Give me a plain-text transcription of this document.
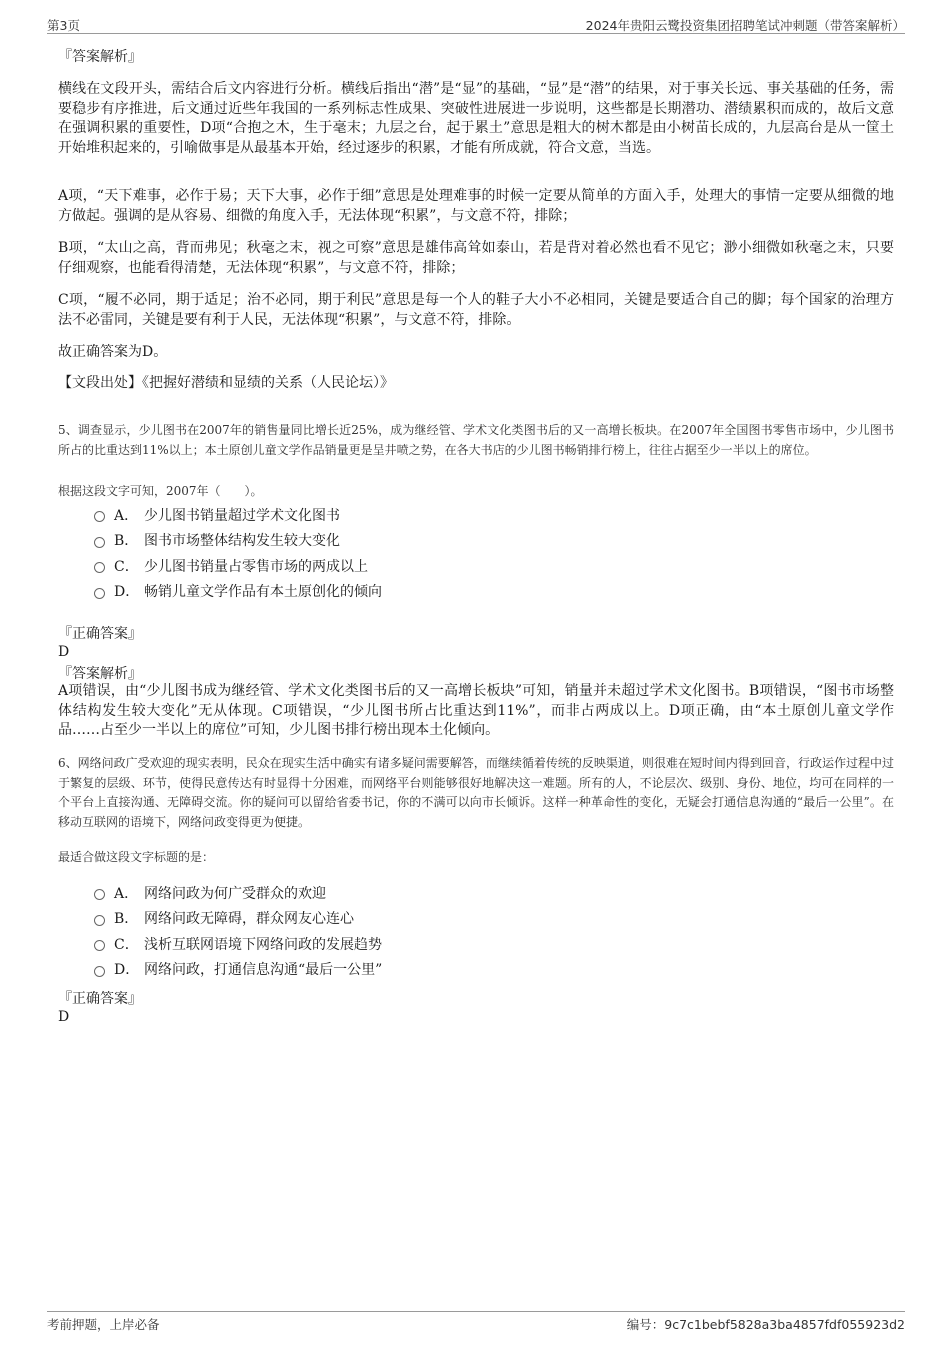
第3页	2024年贵阳云鹭投资集团招聘笔试冲刺题（带答案解析）
『答案解析』
横线在文段开头，需结合后文内容进行分析。横线后指出“潜”是“显”的基础，“显”是“潜”的结果，对于事关长远、事关基础的任务，需要稳步有序推进，后文通过近些年我国的一系列标志性成果、突破性进展进一步说明，这些都是长期潜功、潜绩累积而成的，故后文意在强调积累的重要性，D项“合抱之木，生于毫末；九层之台，起于累土”意思是粗大的树木都是由小树苗长成的，九层高台是从一筐土开始堆积起来的，引喻做事是从最基本开始，经过逐步的积累，才能有所成就，符合文意，当选。
A项，“天下难事，必作于易；天下大事，必作于细”意思是处理难事的时候一定要从简单的方面入手，处理大的事情一定要从细微的地方做起。强调的是从容易、细微的角度入手，无法体现“积累”，与文意不符，排除；
B项，“太山之高，背而弗见；秋毫之末，视之可察”意思是雄伟高耸如泰山，若是背对着必然也看不见它；渺小细微如秋毫之末，只要仔细观察，也能看得清楚，无法体现“积累”，与文意不符，排除；
C项，“履不必同，期于适足；治不必同，期于利民”意思是每一个人的鞋子大小不必相同，关键是要适合自己的脚；每个国家的治理方法不必雷同，关键是要有利于人民，无法体现“积累”，与文意不符，排除。
故正确答案为D。
【文段出处】《把握好潜绩和显绩的关系（人民论坛）》
5、调查显示，少儿图书在2007年的销售量同比增长近25%，成为继经管、学术文化类图书后的又一高增长板块。在2007年全国图书零售市场中，少儿图书所占的比重达到11%以上；本土原创儿童文学作品销量更是呈井喷之势，在各大书店的少儿图书畅销排行榜上，往往占据至少一半以上的席位。
根据这段文字可知，2007年（　　）。
A． 少儿图书销量超过学术文化图书
B． 图书市场整体结构发生较大变化
C． 少儿图书销量占零售市场的两成以上
D． 畅销儿童文学作品有本土原创化的倾向
『正确答案』
D
『答案解析』
A项错误，由“少儿图书成为继经管、学术文化类图书后的又一高增长板块”可知，销量并未超过学术文化图书。B项错误，“图书市场整体结构发生较大变化”无从体现。C项错误，“少儿图书所占比重达到11%”，而非占两成以上。D项正确，由“本土原创儿童文学作品……占至少一半以上的席位”可知，少儿图书排行榜出现本土化倾向。
6、网络问政广受欢迎的现实表明，民众在现实生活中确实有诸多疑问需要解答，而继续循着传统的反映渠道，则很难在短时间内得到回音，行政运作过程中过于繁复的层级、环节，使得民意传达有时显得十分困难，而网络平台则能够很好地解决这一难题。所有的人，不论层次、级别、身份、地位，均可在同样的一个平台上直接沟通、无障碍交流。你的疑问可以留给省委书记，你的不满可以向市长倾诉。这样一种革命性的变化，无疑会打通信息沟通的“最后一公里”。在移动互联网的语境下，网络问政变得更为便捷。
最适合做这段文字标题的是：
A． 网络问政为何广受群众的欢迎
B． 网络问政无障碍，群众网友心连心
C． 浅析互联网语境下网络问政的发展趋势
D． 网络问政，打通信息沟通“最后一公里”
『正确答案』
D
考前押题，上岸必备	编号：9c7c1bebf5828a3ba4857fdf055923d2
